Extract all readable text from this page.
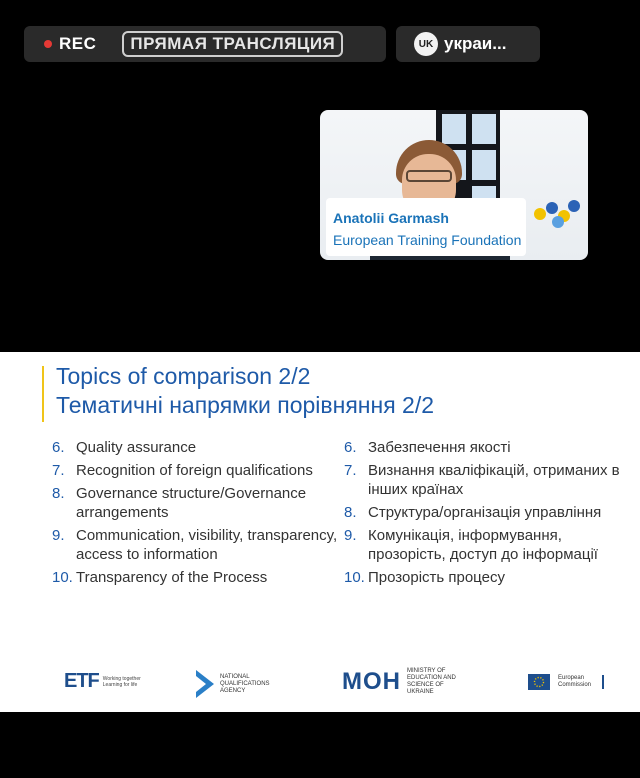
REC	ПРЯМАЯ ТРАНСЛЯЦИЯ	UK украи...
Anatolii Garmash
European Training Foundation
Topics of comparison 2/2
Тематичні напрямки порівняння 2/2
6. Quality assurance
7. Recognition of foreign qualifications
8. Governance structure/Governance arrangements
9. Communication, visibility, transparency, access to information
10. Transparency of the Process
6. Забезпечення якості
7. Визнання кваліфікацій, отриманих в інших країнах
8. Структура/організація управління
9. Комунікація, інформування, прозорість, доступ до інформації
10. Прозорість процесу
ETF Working together Learning for life
NATIONAL QUALIFICATIONS AGENCY	МОН MINISTRY OF EDUCATION AND SCIENCE OF UKRAINE
European Commission
